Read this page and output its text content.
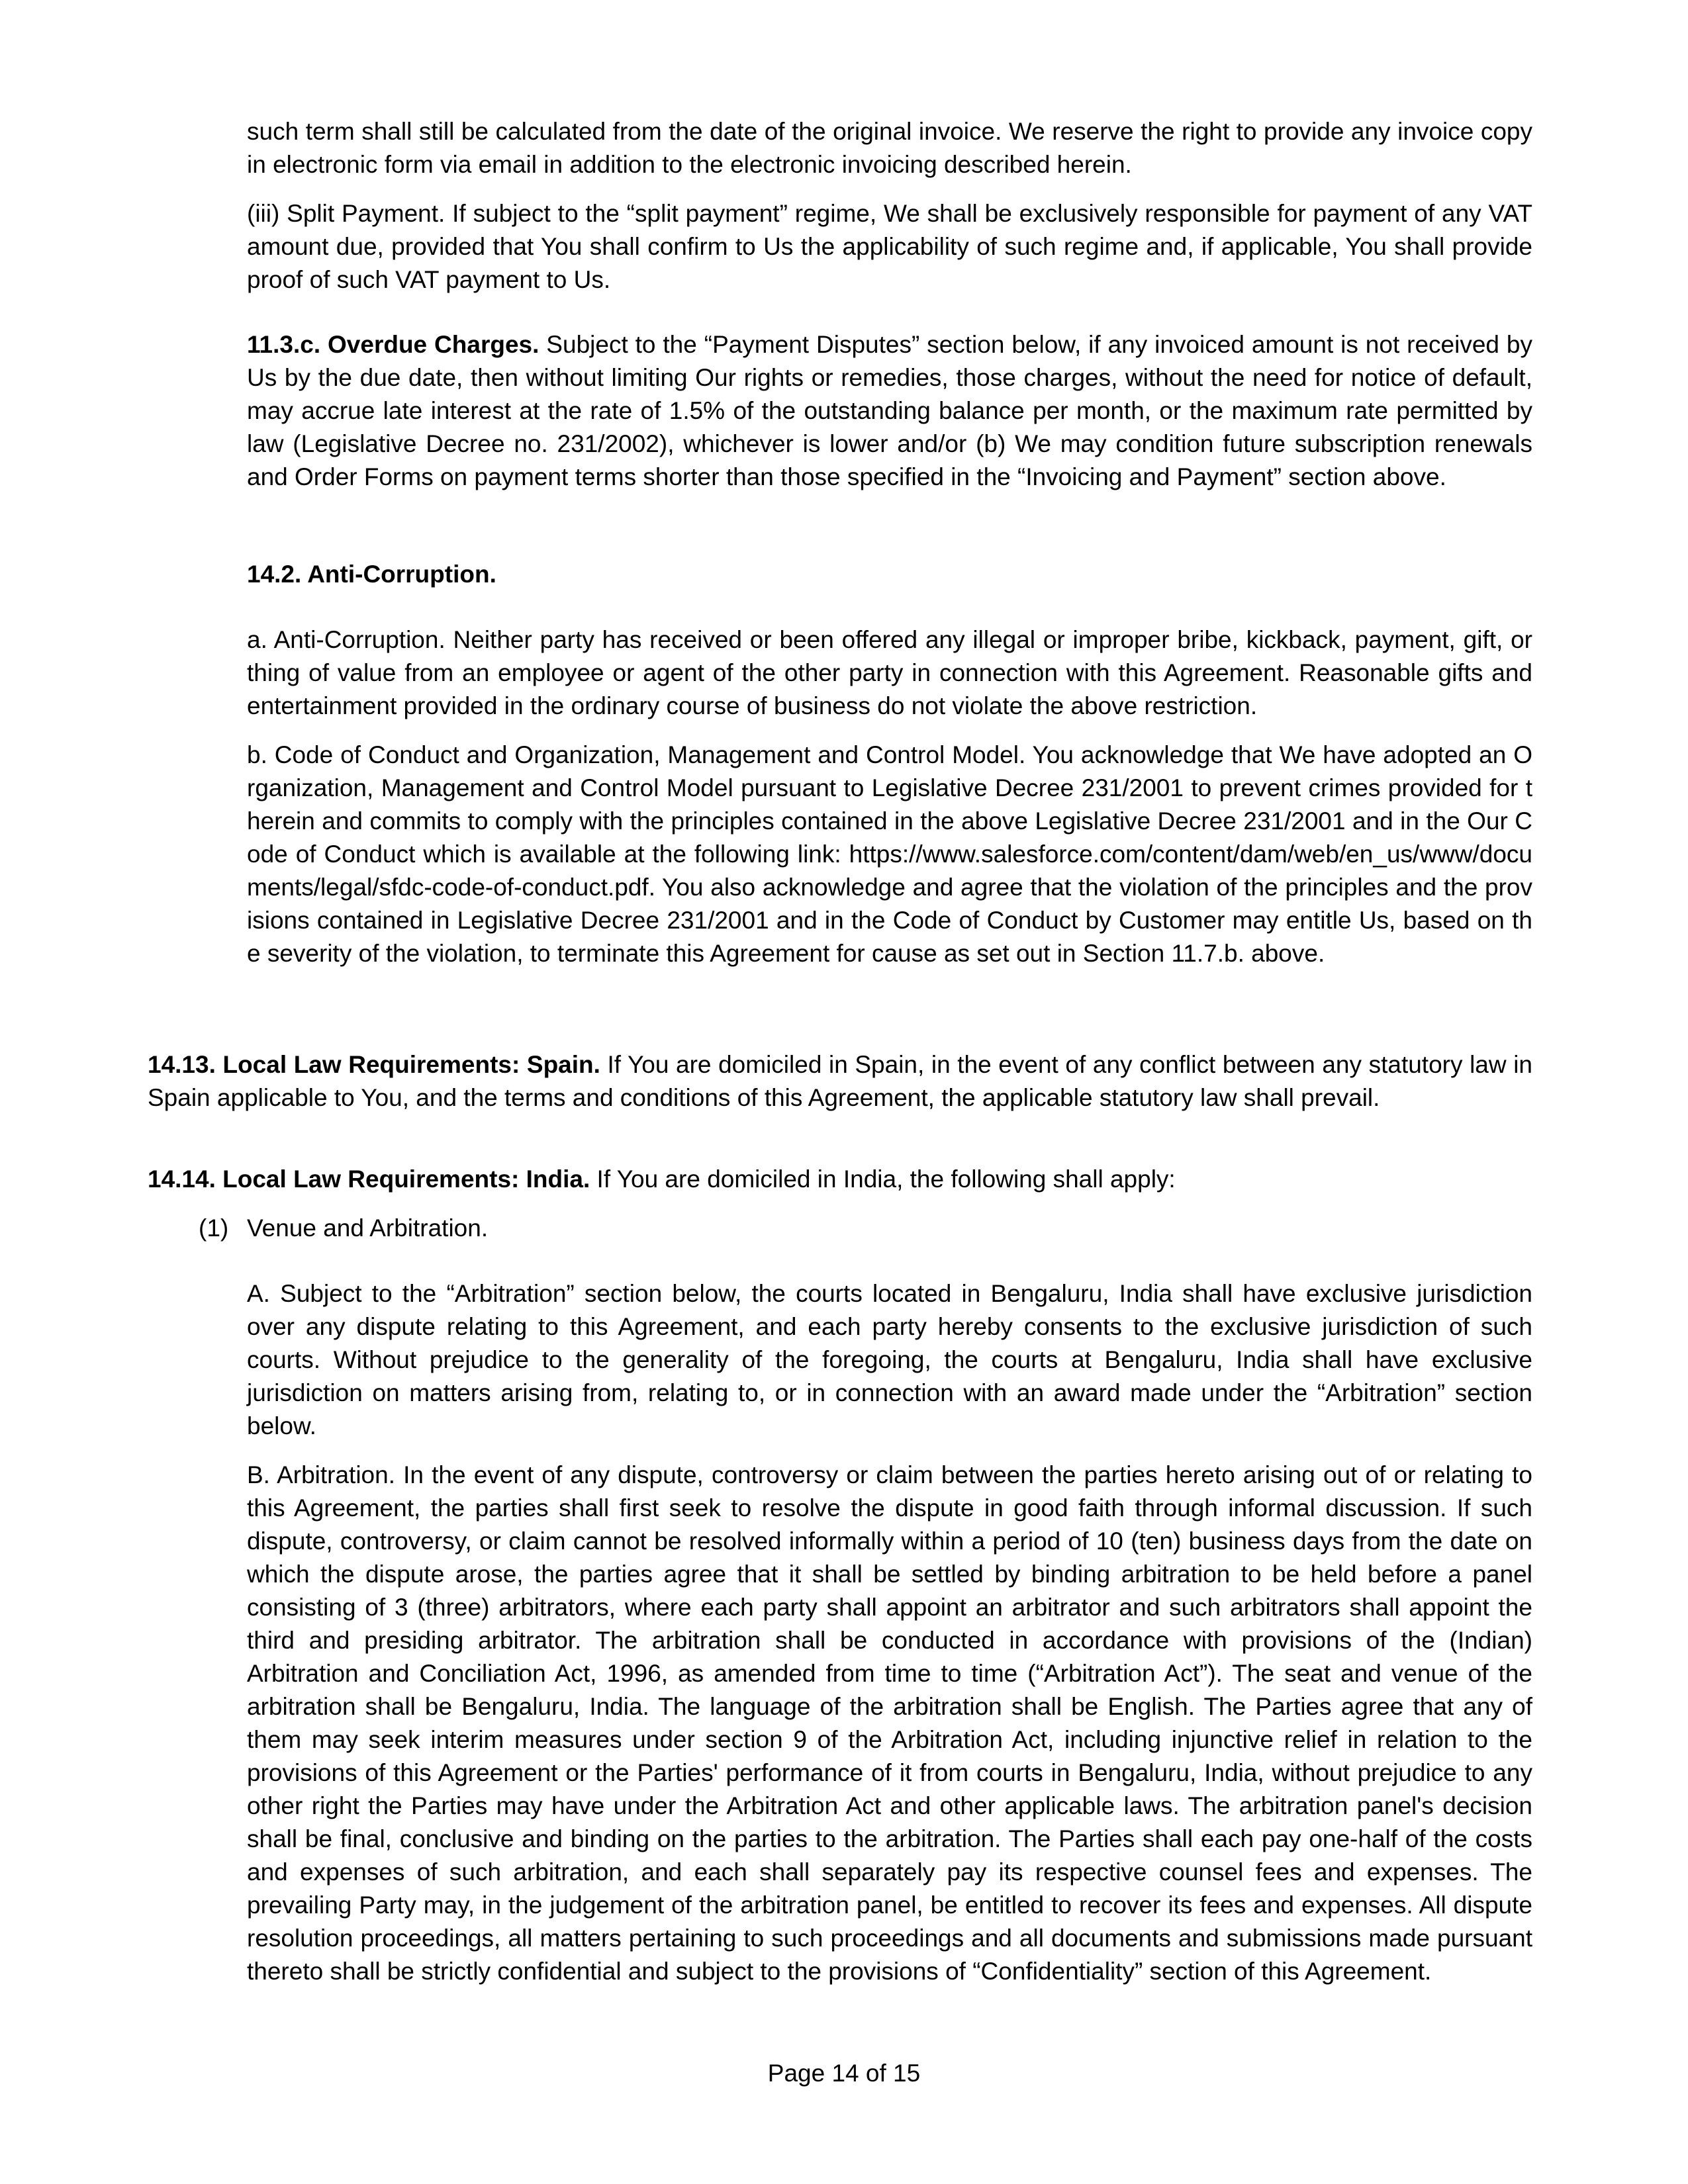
such term shall still be calculated from the date of the original invoice. We reserve the right to provide any invoice copy in electronic form via email in addition to the electronic invoicing described herein.

(iii) Split Payment. If subject to the “split payment” regime, We shall be exclusively responsible for payment of any VAT amount due, provided that You shall confirm to Us the applicability of such regime and, if applicable, You shall provide proof of such VAT payment to Us.

11.3.c. Overdue Charges. Subject to the “Payment Disputes” section below, if any invoiced amount is not received by Us by the due date, then without limiting Our rights or remedies, those charges, without the need for notice of default, may accrue late interest at the rate of 1.5% of the outstanding balance per month, or the maximum rate permitted by law (Legislative Decree no. 231/2002), whichever is lower and/or (b) We may condition future subscription renewals and Order Forms on payment terms shorter than those specified in the “Invoicing and Payment” section above.

14.2. Anti-Corruption.

a. Anti-Corruption. Neither party has received or been offered any illegal or improper bribe, kickback, payment, gift, or thing of value from an employee or agent of the other party in connection with this Agreement. Reasonable gifts and entertainment provided in the ordinary course of business do not violate the above restriction.

b. Code of Conduct and Organization, Management and Control Model. You acknowledge that We have adopted an Organization, Management and Control Model pursuant to Legislative Decree 231/2001 to prevent crimes provided for therein and commits to comply with the principles contained in the above Legislative Decree 231/2001 and in the Our Code of Conduct which is available at the following link: https://www.salesforce.com/content/dam/web/en_us/www/documents/legal/sfdc-code-of-conduct.pdf. You also acknowledge and agree that the violation of the principles and the provisions contained in Legislative Decree 231/2001 and in the Code of Conduct by Customer may entitle Us, based on the severity of the violation, to terminate this Agreement for cause as set out in Section 11.7.b. above.

14.13. Local Law Requirements: Spain. If You are domiciled in Spain, in the event of any conflict between any statutory law in Spain applicable to You, and the terms and conditions of this Agreement, the applicable statutory law shall prevail.

14.14. Local Law Requirements: India. If You are domiciled in India, the following shall apply:

(1) Venue and Arbitration.

A. Subject to the “Arbitration” section below, the courts located in Bengaluru, India shall have exclusive jurisdiction over any dispute relating to this Agreement, and each party hereby consents to the exclusive jurisdiction of such courts. Without prejudice to the generality of the foregoing, the courts at Bengaluru, India shall have exclusive jurisdiction on matters arising from, relating to, or in connection with an award made under the “Arbitration” section below.

B. Arbitration. In the event of any dispute, controversy or claim between the parties hereto arising out of or relating to this Agreement, the parties shall first seek to resolve the dispute in good faith through informal discussion. If such dispute, controversy, or claim cannot be resolved informally within a period of 10 (ten) business days from the date on which the dispute arose, the parties agree that it shall be settled by binding arbitration to be held before a panel consisting of 3 (three) arbitrators, where each party shall appoint an arbitrator and such arbitrators shall appoint the third and presiding arbitrator. The arbitration shall be conducted in accordance with provisions of the (Indian) Arbitration and Conciliation Act, 1996, as amended from time to time (“Arbitration Act”). The seat and venue of the arbitration shall be Bengaluru, India. The language of the arbitration shall be English. The Parties agree that any of them may seek interim measures under section 9 of the Arbitration Act, including injunctive relief in relation to the provisions of this Agreement or the Parties' performance of it from courts in Bengaluru, India, without prejudice to any other right the Parties may have under the Arbitration Act and other applicable laws. The arbitration panel's decision shall be final, conclusive and binding on the parties to the arbitration. The Parties shall each pay one-half of the costs and expenses of such arbitration, and each shall separately pay its respective counsel fees and expenses. The prevailing Party may, in the judgement of the arbitration panel, be entitled to recover its fees and expenses. All dispute resolution proceedings, all matters pertaining to such proceedings and all documents and submissions made pursuant thereto shall be strictly confidential and subject to the provisions of “Confidentiality” section of this Agreement.

Page 14 of 15
